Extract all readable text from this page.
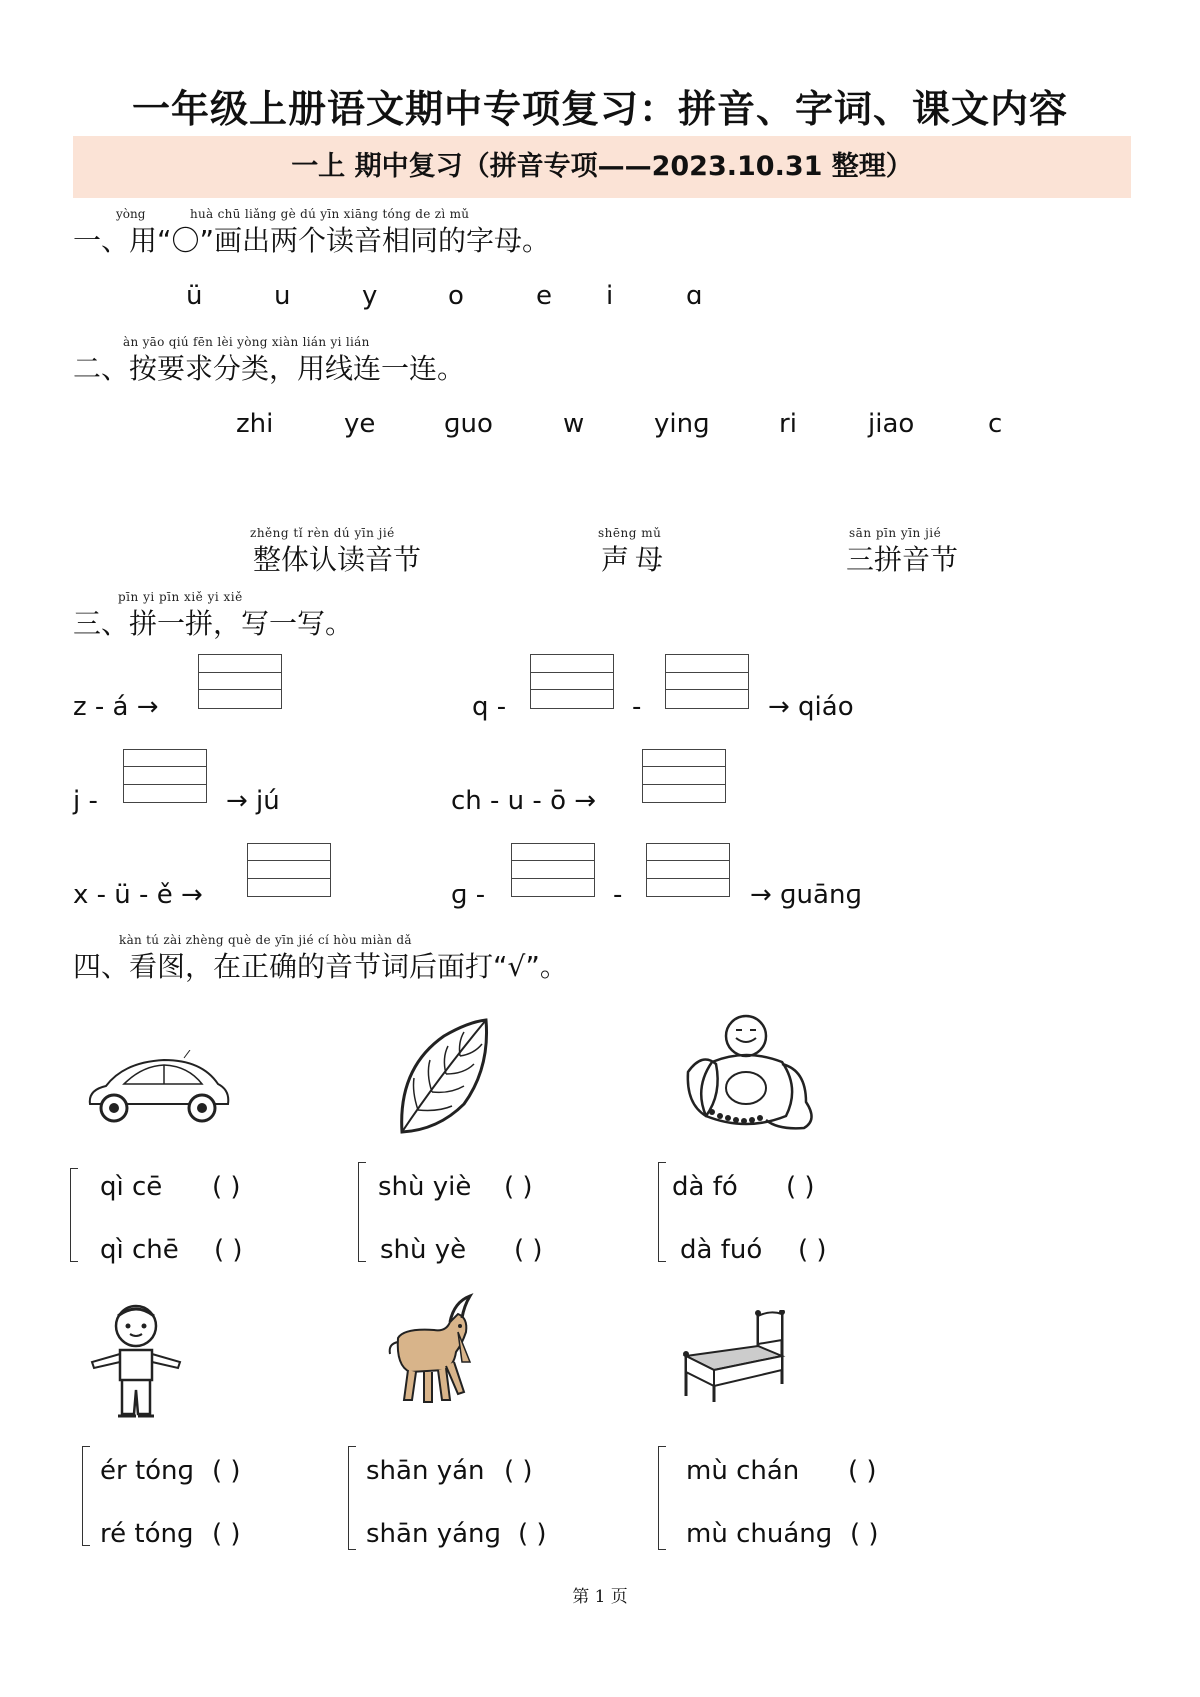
一年级上册语文期中专项复习：拼音、字词、课文内容
一上 期中复习（拼音专项——2023.10.31 整理）
yòng	huà chū liǎng gè dú yīn xiāng tóng de zì mǔ
一、用“〇”画出两个读音相同的字母。
ü	u	y	o	e i	ɑ
àn yāo qiú fēn lèi yòng xiàn lián yi lián
二、按要求分类，用线连一连。
zhi	ye	ɡuo	w	yinɡ	ri	jiao	c
zhěng tǐ rèn dú yīn jié
整体认读音节
shēng mǔ
声母
sān pīn yīn jié
三拼音节
pīn yi pīn xiě yi xiě
三、拼一拼，写一写。
z - á →	q -	-	→ qiáo
j -	→ jú	ch - u - ō →
x - ü - ě →	ɡ -	-	→ ɡuānɡ
kàn tú zài zhèng què de yīn jié cí hòu miàn dǎ
四、看图，在正确的音节词后面打“√”。
qì cē ( )
qì chē ( )
shù yiè ( )
shù yè ( )
dà fó ( )
dà fuó ( )
ér tónɡ ( )
ré tónɡ ( )
shān yán ( )
shān yánɡ ( )
mù chán ( )
mù chuánɡ ( )
第 1 页
